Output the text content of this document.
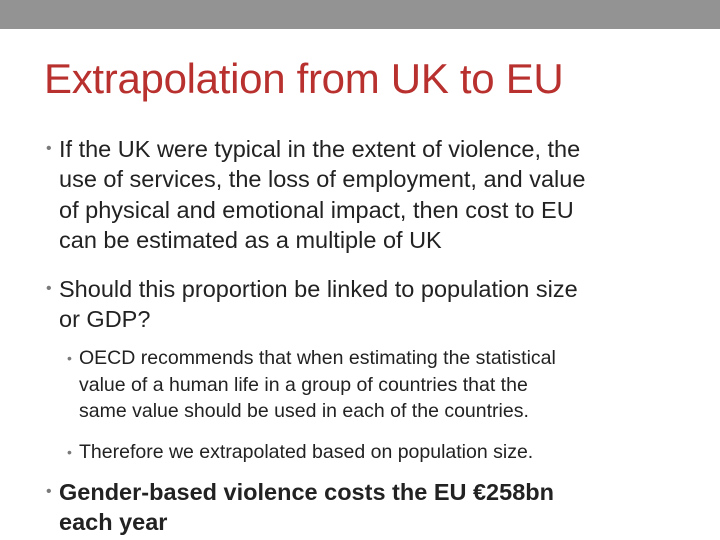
Extrapolation from UK to EU
• If the UK were typical in the extent of violence, the
use of services, the loss of employment, and value
of physical and emotional impact, then cost to EU
can be estimated as a multiple of UK
• Should this proportion be linked to population size
or GDP?
• OECD recommends that when estimating the statistical
value of a human life in a group of countries that the
same value should be used in each of the countries.
• Therefore we extrapolated based on population size.
• Gender-based violence costs the EU €258bn
each year
